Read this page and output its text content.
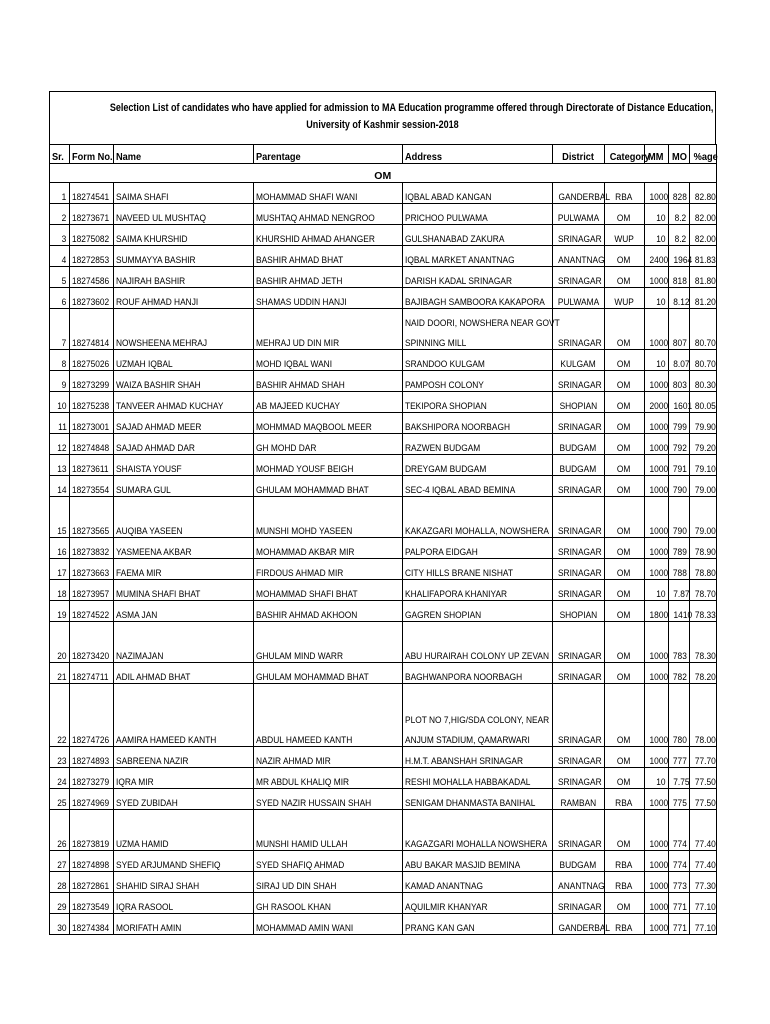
Selection List of candidates who have applied for admission to MA Education programme offered through Directorate of Distance Education,
University of Kashmir session-2018
Sr.	Form No.	Name	Parentage	Address	District	Category	MM	MO	%age
OM									
1	18274541	SAIMA SHAFI	MOHAMMAD SHAFI WANI	IQBAL ABAD KANGAN	GANDERBAL	RBA	1000	828	82.80
2	18273671	NAVEED UL MUSHTAQ	MUSHTAQ AHMAD NENGROO	PRICHOO PULWAMA	PULWAMA	OM	10	8.2	82.00
3	18275082	SAIMA KHURSHID	KHURSHID AHMAD AHANGER	GULSHANABAD ZAKURA	SRINAGAR	WUP	10	8.2	82.00
4	18272853	SUMMAYYA BASHIR	BASHIR AHMAD BHAT	IQBAL MARKET ANANTNAG	ANANTNAG	OM	2400	1964	81.83
5	18274586	NAJIRAH BASHIR	BASHIR AHMAD JETH	DARISH KADAL SRINAGAR	SRINAGAR	OM	1000	818	81.80
6	18273602	ROUF AHMAD HANJI	SHAMAS UDDIN HANJI	BAJIBAGH SAMBOORA KAKAPORA	PULWAMA	WUP	10	8.12	81.20
7	18274814	NOWSHEENA MEHRAJ	MEHRAJ UD DIN MIR	NAID DOORI, NOWSHERA NEAR GOVT
SPINNING MILL	SRINAGAR	OM	1000	807	80.70
8	18275026	UZMAH IQBAL	MOHD IQBAL WANI	SRANDOO KULGAM	KULGAM	OM	10	8.07	80.70
9	18273299	WAIZA BASHIR SHAH	BASHIR AHMAD SHAH	PAMPOSH COLONY	SRINAGAR	OM	1000	803	80.30
10	18275238	TANVEER AHMAD KUCHAY	AB MAJEED KUCHAY	TEKIPORA SHOPIAN	SHOPIAN	OM	2000	1601	80.05
11	18273001	SAJAD AHMAD MEER	MOHMMAD MAQBOOL MEER	BAKSHIPORA NOORBAGH	SRINAGAR	OM	1000	799	79.90
12	18274848	SAJAD AHMAD DAR	GH MOHD DAR	RAZWEN BUDGAM	BUDGAM	OM	1000	792	79.20
13	18273611	SHAISTA YOUSF	MOHMAD YOUSF BEIGH	DREYGAM BUDGAM	BUDGAM	OM	1000	791	79.10
14	18273554	SUMARA GUL	GHULAM MOHAMMAD BHAT	SEC-4 IQBAL ABAD BEMINA	SRINAGAR	OM	1000	790	79.00
15	18273565	AUQIBA YASEEN	MUNSHI MOHD YASEEN	KAKAZGARI MOHALLA, NOWSHERA	SRINAGAR	OM	1000	790	79.00
16	18273832	YASMEENA AKBAR	MOHAMMAD AKBAR MIR	PALPORA EIDGAH	SRINAGAR	OM	1000	789	78.90
17	18273663	FAEMA MIR	FIRDOUS AHMAD MIR	CITY HILLS BRANE NISHAT	SRINAGAR	OM	1000	788	78.80
18	18273957	MUMINA SHAFI BHAT	MOHAMMAD SHAFI BHAT	KHALIFAPORA KHANIYAR	SRINAGAR	OM	10	7.87	78.70
19	18274522	ASMA JAN	BASHIR AHMAD AKHOON	GAGREN SHOPIAN	SHOPIAN	OM	1800	1410	78.33
20	18273420	NAZIMAJAN	GHULAM MIND WARR	ABU HURAIRAH COLONY UP ZEVAN	SRINAGAR	OM	1000	783	78.30
21	18274711	ADIL AHMAD BHAT	GHULAM MOHAMMAD BHAT	BAGHWANPORA NOORBAGH	SRINAGAR	OM	1000	782	78.20
22	18274726	AAMIRA HAMEED KANTH	ABDUL HAMEED KANTH	PLOT NO 7,HIG/SDA COLONY, NEAR
ANJUM STADIUM, QAMARWARI	SRINAGAR	OM	1000	780	78.00
23	18274893	SABREENA NAZIR	NAZIR AHMAD MIR	H.M.T. ABANSHAH SRINAGAR	SRINAGAR	OM	1000	777	77.70
24	18273279	IQRA MIR	MR ABDUL KHALIQ MIR	RESHI MOHALLA HABBAKADAL	SRINAGAR	OM	10	7.75	77.50
25	18274969	SYED ZUBIDAH	SYED NAZIR HUSSAIN SHAH	SENIGAM DHANMASTA BANIHAL	RAMBAN	RBA	1000	775	77.50
26	18273819	UZMA HAMID	MUNSHI HAMID ULLAH	KAGAZGARI MOHALLA NOWSHERA	SRINAGAR	OM	1000	774	77.40
27	18274898	SYED ARJUMAND SHEFIQ	SYED SHAFIQ AHMAD	ABU BAKAR MASJID BEMINA	BUDGAM	RBA	1000	774	77.40
28	18272861	SHAHID SIRAJ SHAH	SIRAJ UD DIN SHAH	KAMAD ANANTNAG	ANANTNAG	RBA	1000	773	77.30
29	18273549	IQRA RASOOL	GH RASOOL KHAN	AQUILMIR KHANYAR	SRINAGAR	OM	1000	771	77.10
30	18274384	MORIFATH AMIN	MOHAMMAD AMIN WANI	PRANG KAN GAN	GANDERBAL	RBA	1000	771	77.10
